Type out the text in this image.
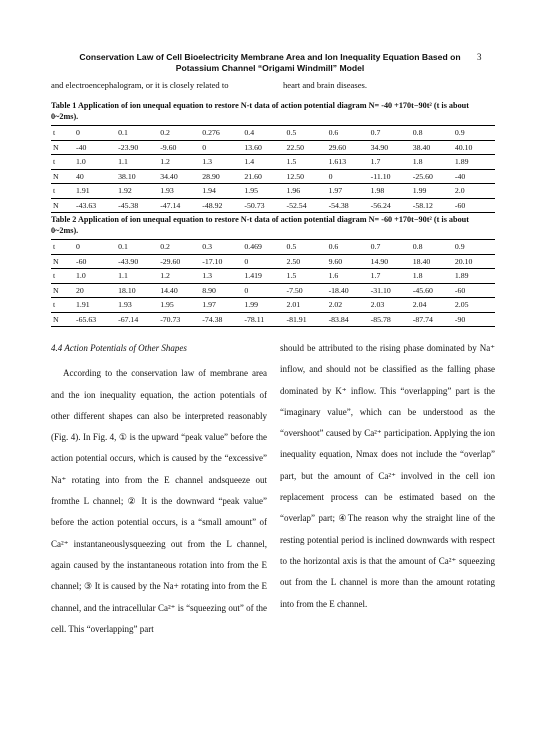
Conservation Law of Cell Bioelectricity Membrane Area and Ion Inequality Equation Based on
Potassium Channel “Origami Windmill” Model
3
and electroencephalogram, or it is closely related to	heart and brain diseases.
Table 1 Application of ion unequal equation to restore N-t data of action potential diagram N= -40 +170t−90t² (t is about 0~2ms).
t	0	0.1	0.2	0.276	0.4	0.5	0.6	0.7	0.8	0.9
N	-40	-23.90	-9.60	0	13.60	22.50	29.60	34.90	38.40	40.10
t	1.0	1.1	1.2	1.3	1.4	1.5	1.613	1.7	1.8	1.89
N	40	38.10	34.40	28.90	21.60	12.50	0	-11.10	-25.60	-40
t	1.91	1.92	1.93	1.94	1.95	1.96	1.97	1.98	1.99	2.0
N	-43.63	-45.38	-47.14	-48.92	-50.73	-52.54	-54.38	-56.24	-58.12	-60
Table 2 Application of ion unequal equation to restore N-t data of action potential diagram N= -60 +170t−90t² (t is about 0~2ms).
t	0	0.1	0.2	0.3	0.469	0.5	0.6	0.7	0.8	0.9
N	-60	-43.90	-29.60	-17.10	0	2.50	9.60	14.90	18.40	20.10
t	1.0	1.1	1.2	1.3	1.419	1.5	1.6	1.7	1.8	1.89
N	20	18.10	14.40	8.90	0	-7.50	-18.40	-31.10	-45.60	-60
t	1.91	1.93	1.95	1.97	1.99	2.01	2.02	2.03	2.04	2.05
N	-65.63	-67.14	-70.73	-74.38	-78.11	-81.91	-83.84	-85.78	-87.74	-90
4.4 Action Potentials of Other Shapes

According to the conservation law of membrane area and the ion inequality equation, the action potentials of other different shapes can also be interpreted reasonably (Fig. 4). In Fig. 4, ① is the upward “peak value” before the action potential occurs, which is caused by the “excessive” Na⁺ rotating into from the E channel andsqueeze out fromthe L channel; ② It is the downward “peak value” before the action potential occurs, is a “small amount” of Ca²⁺ instantaneouslysqueezing out from the L channel, again caused by the instantaneous rotation into from the E channel; ③ It is caused by the Na+ rotating into from the E channel, and the intracellular Ca²⁺ is “squeezing out” of the cell. This “overlapping” part

should be attributed to the rising phase dominated by Na⁺ inflow, and should not be classified as the falling phase dominated by K⁺ inflow. This “overlapping” part is the “imaginary value”, which can be understood as the “overshoot” caused by Ca²⁺ participation. Applying the ion inequality equation, Nmax does not include the “overlap” part, but the amount of Ca²⁺ involved in the cell ion replacement process can be estimated based on the “overlap” part; ④The reason why the straight line of the resting potential period is inclined downwards with respect to the horizontal axis is that the amount of Ca²⁺ squeezing out from the L channel is more than the amount rotating into from the E channel.
